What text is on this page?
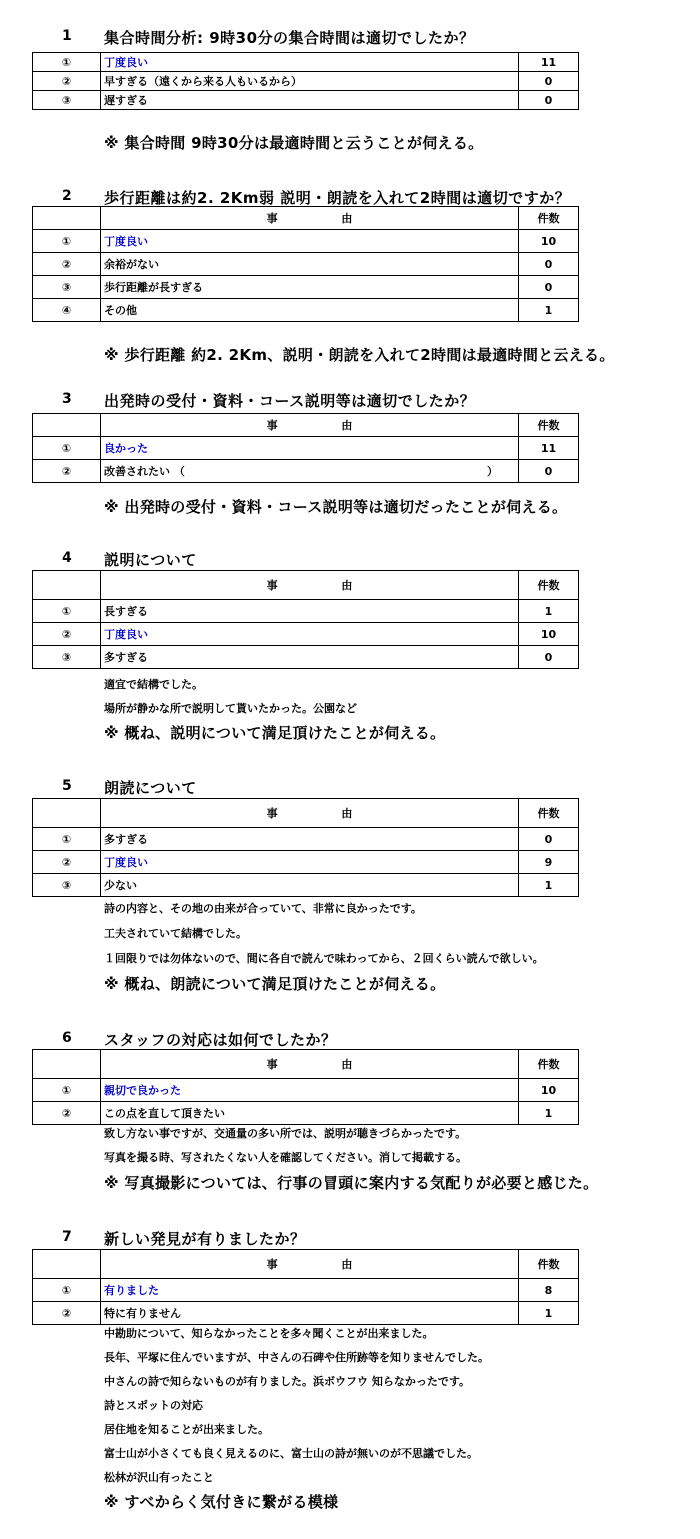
1 集合時間分析: 9時30分の集合時間は適切でしたか？
①	丁度良い	11
②	早すぎる（遠くから来る人もいるから）	0
③	遅すぎる	0
※ 集合時間 9時30分は最適時間と云うことが伺える。
2 歩行距離は約2. 2Km弱 説明・朗読を入れて2時間は適切ですか？
	事 由	件数
①	丁度良い	10
②	余裕がない	0
③	歩行距離が長すぎる	0
④	その他	1
※ 歩行距離 約2. 2Km、説明・朗読を入れて2時間は最適時間と云える。
3 出発時の受付・資料・コース説明等は適切でしたか？
	事 由	件数
①	良かった	11
②	改善されたい （ ）	0
※ 出発時の受付・資料・コース説明等は適切だったことが伺える。
4 説明について
	事 由	件数
①	長すぎる	1
②	丁度良い	10
③	多すぎる	0
適宜で結構でした。
場所が静かな所で説明して貰いたかった。公園など
※ 概ね、説明について満足頂けたことが伺える。
5 朗読について
	事 由	件数
①	多すぎる	0
②	丁度良い	9
③	少ない	1
詩の内容と、その地の由来が合っていて、非常に良かったです。
工夫されていて結構でした。
１回限りでは勿体ないので、間に各自で読んで味わってから、２回くらい読んで欲しい。
※ 概ね、朗読について満足頂けたことが伺える。
6 スタッフの対応は如何でしたか？
	事 由	件数
①	親切で良かった	10
②	この点を直して頂きたい	1
致し方ない事ですが、交通量の多い所では、説明が聴きづらかったです。
写真を撮る時、写されたくない人を確認してください。消して掲載する。
※ 写真撮影については、行事の冒頭に案内する気配りが必要と感じた。
7 新しい発見が有りましたか？
	事 由	件数
①	有りました	8
②	特に有りません	1
中勘助について、知らなかったことを多々聞くことが出来ました。
長年、平塚に住んでいますが、中さんの石碑や住所跡等を知りませんでした。
中さんの詩で知らないものが有りました。浜ボウフウ 知らなかったです。
詩とスポットの対応
居住地を知ることが出来ました。
富士山が小さくても良く見えるのに、富士山の詩が無いのが不思議でした。
松林が沢山有ったこと
※ すべからく気付きに繋がる模様
